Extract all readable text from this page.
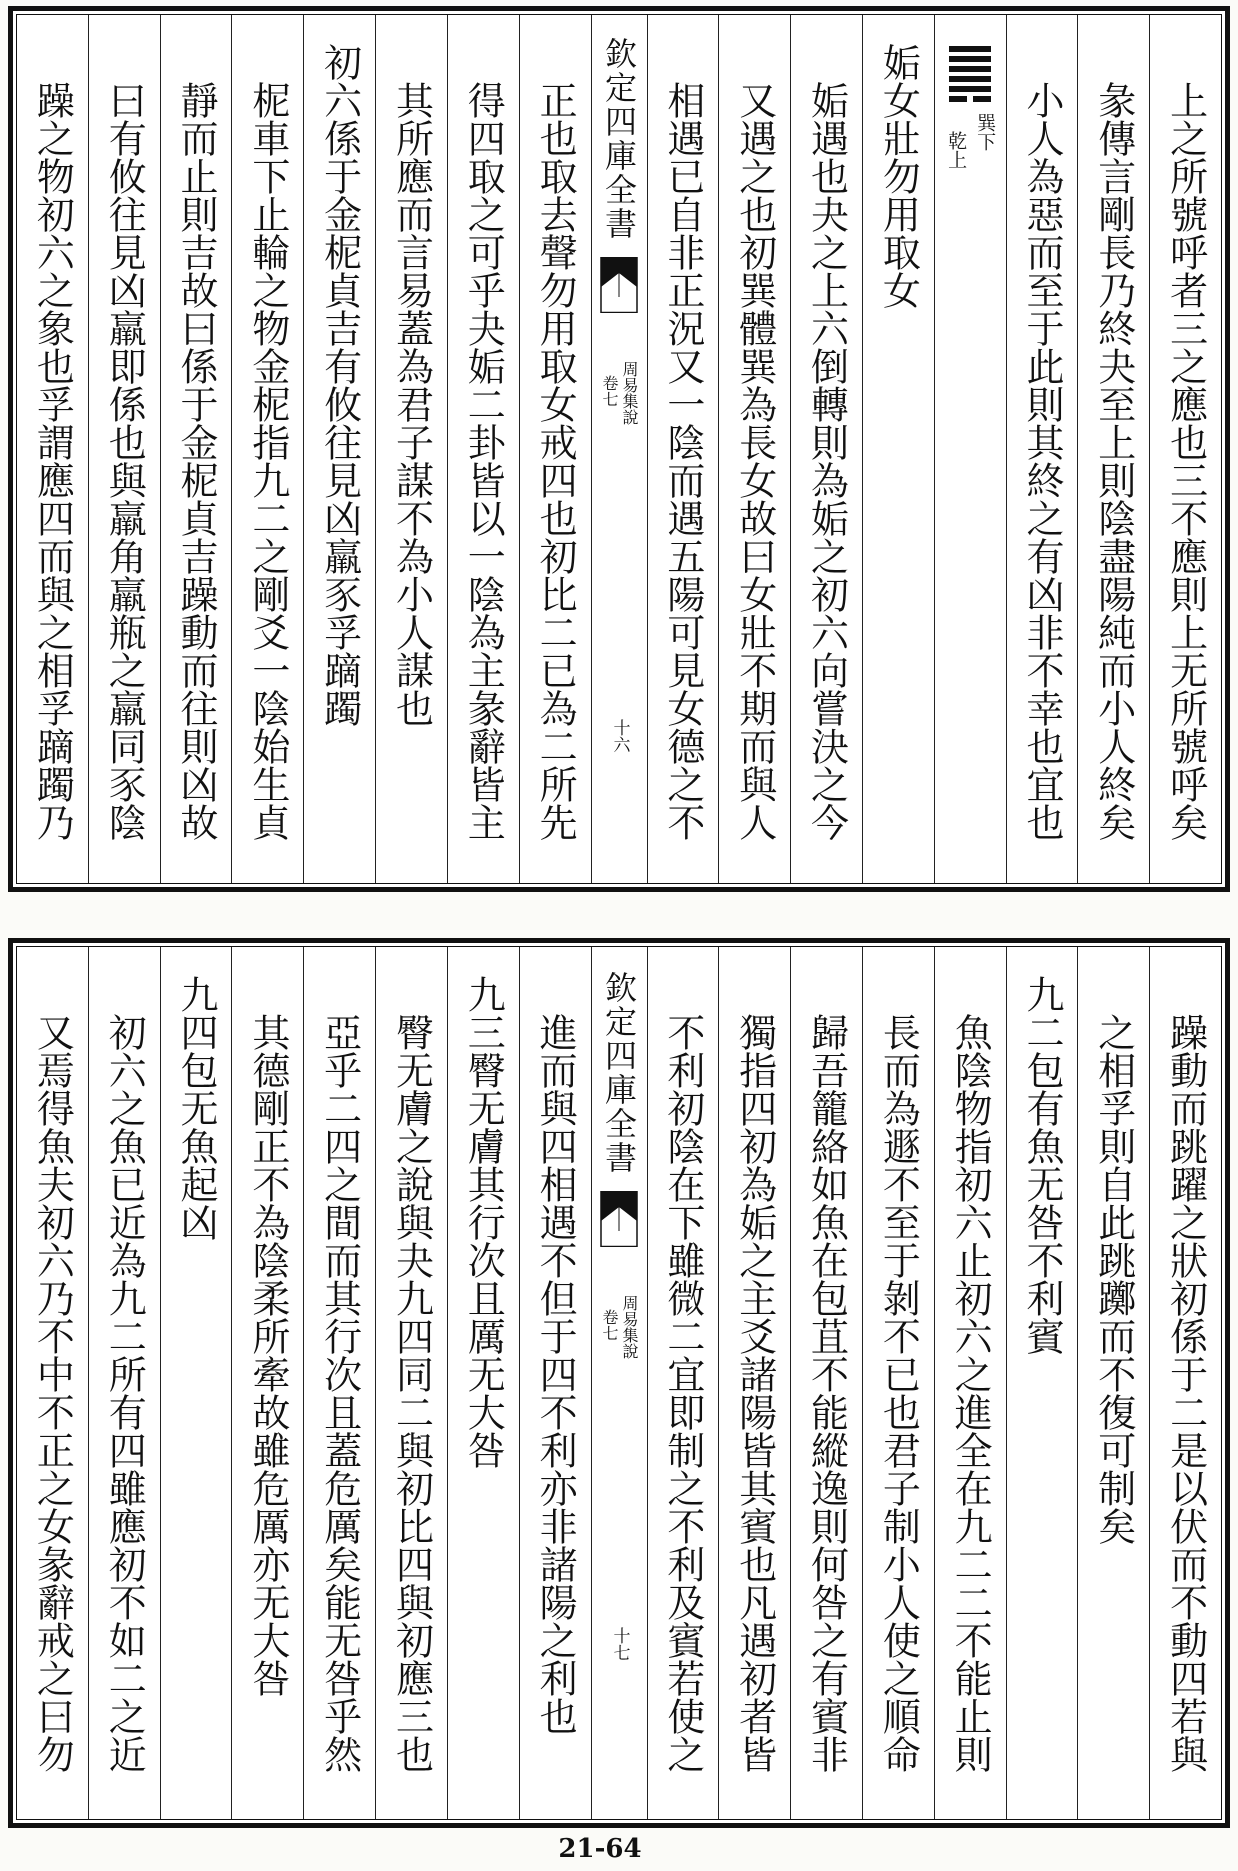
上之所號呼者三之應也三不應則上无所號呼矣
彖傳言剛長乃終夬至上則陰盡陽純而小人終矣
小人為惡而至于此則其終之有凶非不幸也宜也
巽下
乾上
姤女壯勿用取女
姤遇也夬之上六倒轉則為姤之初六向嘗決之今
又遇之也初巽體巽為長女故曰女壯不期而與人
相遇已自非正況又一陰而遇五陽可見女德之不
欽定四庫全書
周易集說
卷七
十六
正也取去聲勿用取女戒四也初比二已為二所先
得四取之可乎夬姤二卦皆以一陰為主彖辭皆主
其所應而言易蓋為君子謀不為小人謀也
初六係于金柅貞吉有攸往見凶羸豕孚蹢躅
柅車下止輪之物金柅指九二之剛爻一陰始生貞
靜而止則吉故曰係于金柅貞吉躁動而往則凶故
曰有攸往見凶羸即係也與羸角羸瓶之羸同豕陰
躁之物初六之象也孚謂應四而與之相孚蹢躅乃
躁動而跳躍之狀初係于二是以伏而不動四若與
之相孚則自此跳躑而不復可制矣
九二包有魚无咎不利賓
魚陰物指初六止初六之進全在九二二不能止則
長而為遯不至于剝不已也君子制小人使之順命
歸吾籠絡如魚在包苴不能縱逸則何咎之有賓非
獨指四初為姤之主爻諸陽皆其賓也凡遇初者皆
不利初陰在下雖微二宜即制之不利及賓若使之
欽定四庫全書
周易集說
卷七
十七
進而與四相遇不但于四不利亦非諸陽之利也
九三臀无膚其行次且厲无大咎
臀无膚之說與夬九四同二與初比四與初應三也
亞乎二四之間而其行次且蓋危厲矣能无咎乎然
其德剛正不為陰柔所牽故雖危厲亦无大咎
九四包无魚起凶
初六之魚已近為九二所有四雖應初不如二之近
又焉得魚夫初六乃不中不正之女彖辭戒之曰勿
21-64
